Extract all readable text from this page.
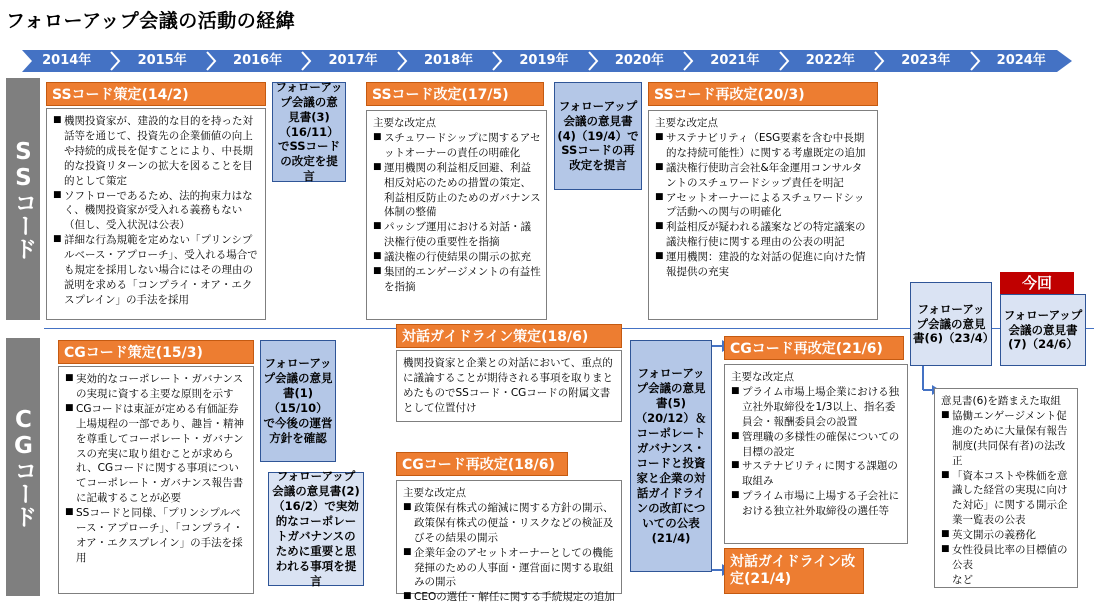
フォローアップ会議の活動の経緯
2014年	2015年	2016年	2017年	2018年	2019年	2020年	2021年	2022年	2023年	2024年
SSコード
CGコード
SSコード策定(14/2)
■ 機関投資家が、建設的な目的を持った対話等を通じて、投資先の企業価値の向上や持続的成長を促すことにより、中長期的な投資リターンの拡大を図ることを目的として策定
■ ソフトローであるため、法的拘束力はなく、機関投資家が受入れる義務もない（但し、受入状況は公表）
■ 詳細な行為規範を定めない「プリンシプルベース・アプローチ」、受入れる場合でも規定を採用しない場合にはその理由の説明を求める「コンプライ・オア・エクスプレイン」の手法を採用
フォローアップ会議の意見書(3)（16/11）でSSコードの改定を提言
SSコード改定(17/5)
主要な改定点
■ スチュワードシップに関するアセットオーナーの責任の明確化
■ 運用機関の利益相反回避、利益相反対応のための措置の策定、利益相反防止のためのガバナンス体制の整備
■ パッシブ運用における対話・議決権行使の重要性を指摘
■ 議決権の行使結果の開示の拡充
■ 集団的エンゲージメントの有益性を指摘
フォローアップ会議の意見書(4)（19/4）でSSコードの再改定を提言
SSコード再改定(20/3)
主要な改定点
■ サステナビリティ（ESG要素を含む中長期的な持続可能性）に関する考慮既定の追加
■ 議決権行使助言会社&年金運用コンサルタントのスチュワードシップ責任を明記
■ アセットオーナーによるスチュワードシップ活動への関与の明確化
■ 利益相反が疑われる議案などの特定議案の議決権行使に関する理由の公表の明記
■ 運用機関：建設的な対話の促進に向けた情報提供の充実
フォローアップ会議の意見書(6)（23/4）
今回
フォローアップ会議の意見書(7)（24/6）
意見書(6)を踏まえた取組
■ 協働エンゲージメント促進のために大量保有報告制度(共同保有者)の法改正
■ 「資本コストや株価を意識した経営の実現に向けた対応」に関する開示企業一覧表の公表
■ 英文開示の義務化
■ 女性役員比率の目標値の公表
など
CGコード策定(15/3)
■ 実効的なコーポレート・ガバナンスの実現に資する主要な原則を示す
■ CGコードは東証が定める有価証券上場規程の一部であり、趣旨・精神を尊重してコーポレート・ガバナンスの充実に取り組むことが求められ、CGコードに関する事項についてコーポレート・ガバナンス報告書に記載することが必要
■ SSコードと同様、「プリンシプルベース・アプローチ」、「コンプライ・オア・エクスプレイン」の手法を採用
フォローアップ会議の意見書(1)（15/10）で今後の運営方針を確認
フォローアップ会議の意見書(2)（16/2）で実効的なコーポレートガバナンスのために重要と思われる事項を提言
対話ガイドライン策定(18/6)
機関投資家と企業との対話において、重点的に議論することが期待される事項を取りまとめたものでSSコード・CGコードの附属文書として位置付け
CGコード再改定(18/6)
主要な改定点
■ 政策保有株式の縮減に関する方針の開示、政策保有株式の便益・リスクなどの検証及びその結果の開示
■ 企業年金のアセットオーナーとしての機能発揮のための人事面・運営面に関する取組みの開示
■ CEOの選任・解任に関する手続規定の追加
フォローアップ会議の意見書(5)（20/12）＆コーポレートガバナンス・コードと投資家と企業の対話ガイドラインの改訂についての公表(21/4)
CGコード再改定(21/6)
主要な改定点
■ プライム市場上場企業における独立社外取締役を1/3以上、指名委員会・報酬委員会の設置
■ 管理職の多様性の確保についての目標の設定
■ サステナビリティに関する課題の取組み
■ プライム市場に上場する子会社における独立社外取締役の選任等
対話ガイドライン改定(21/4)
